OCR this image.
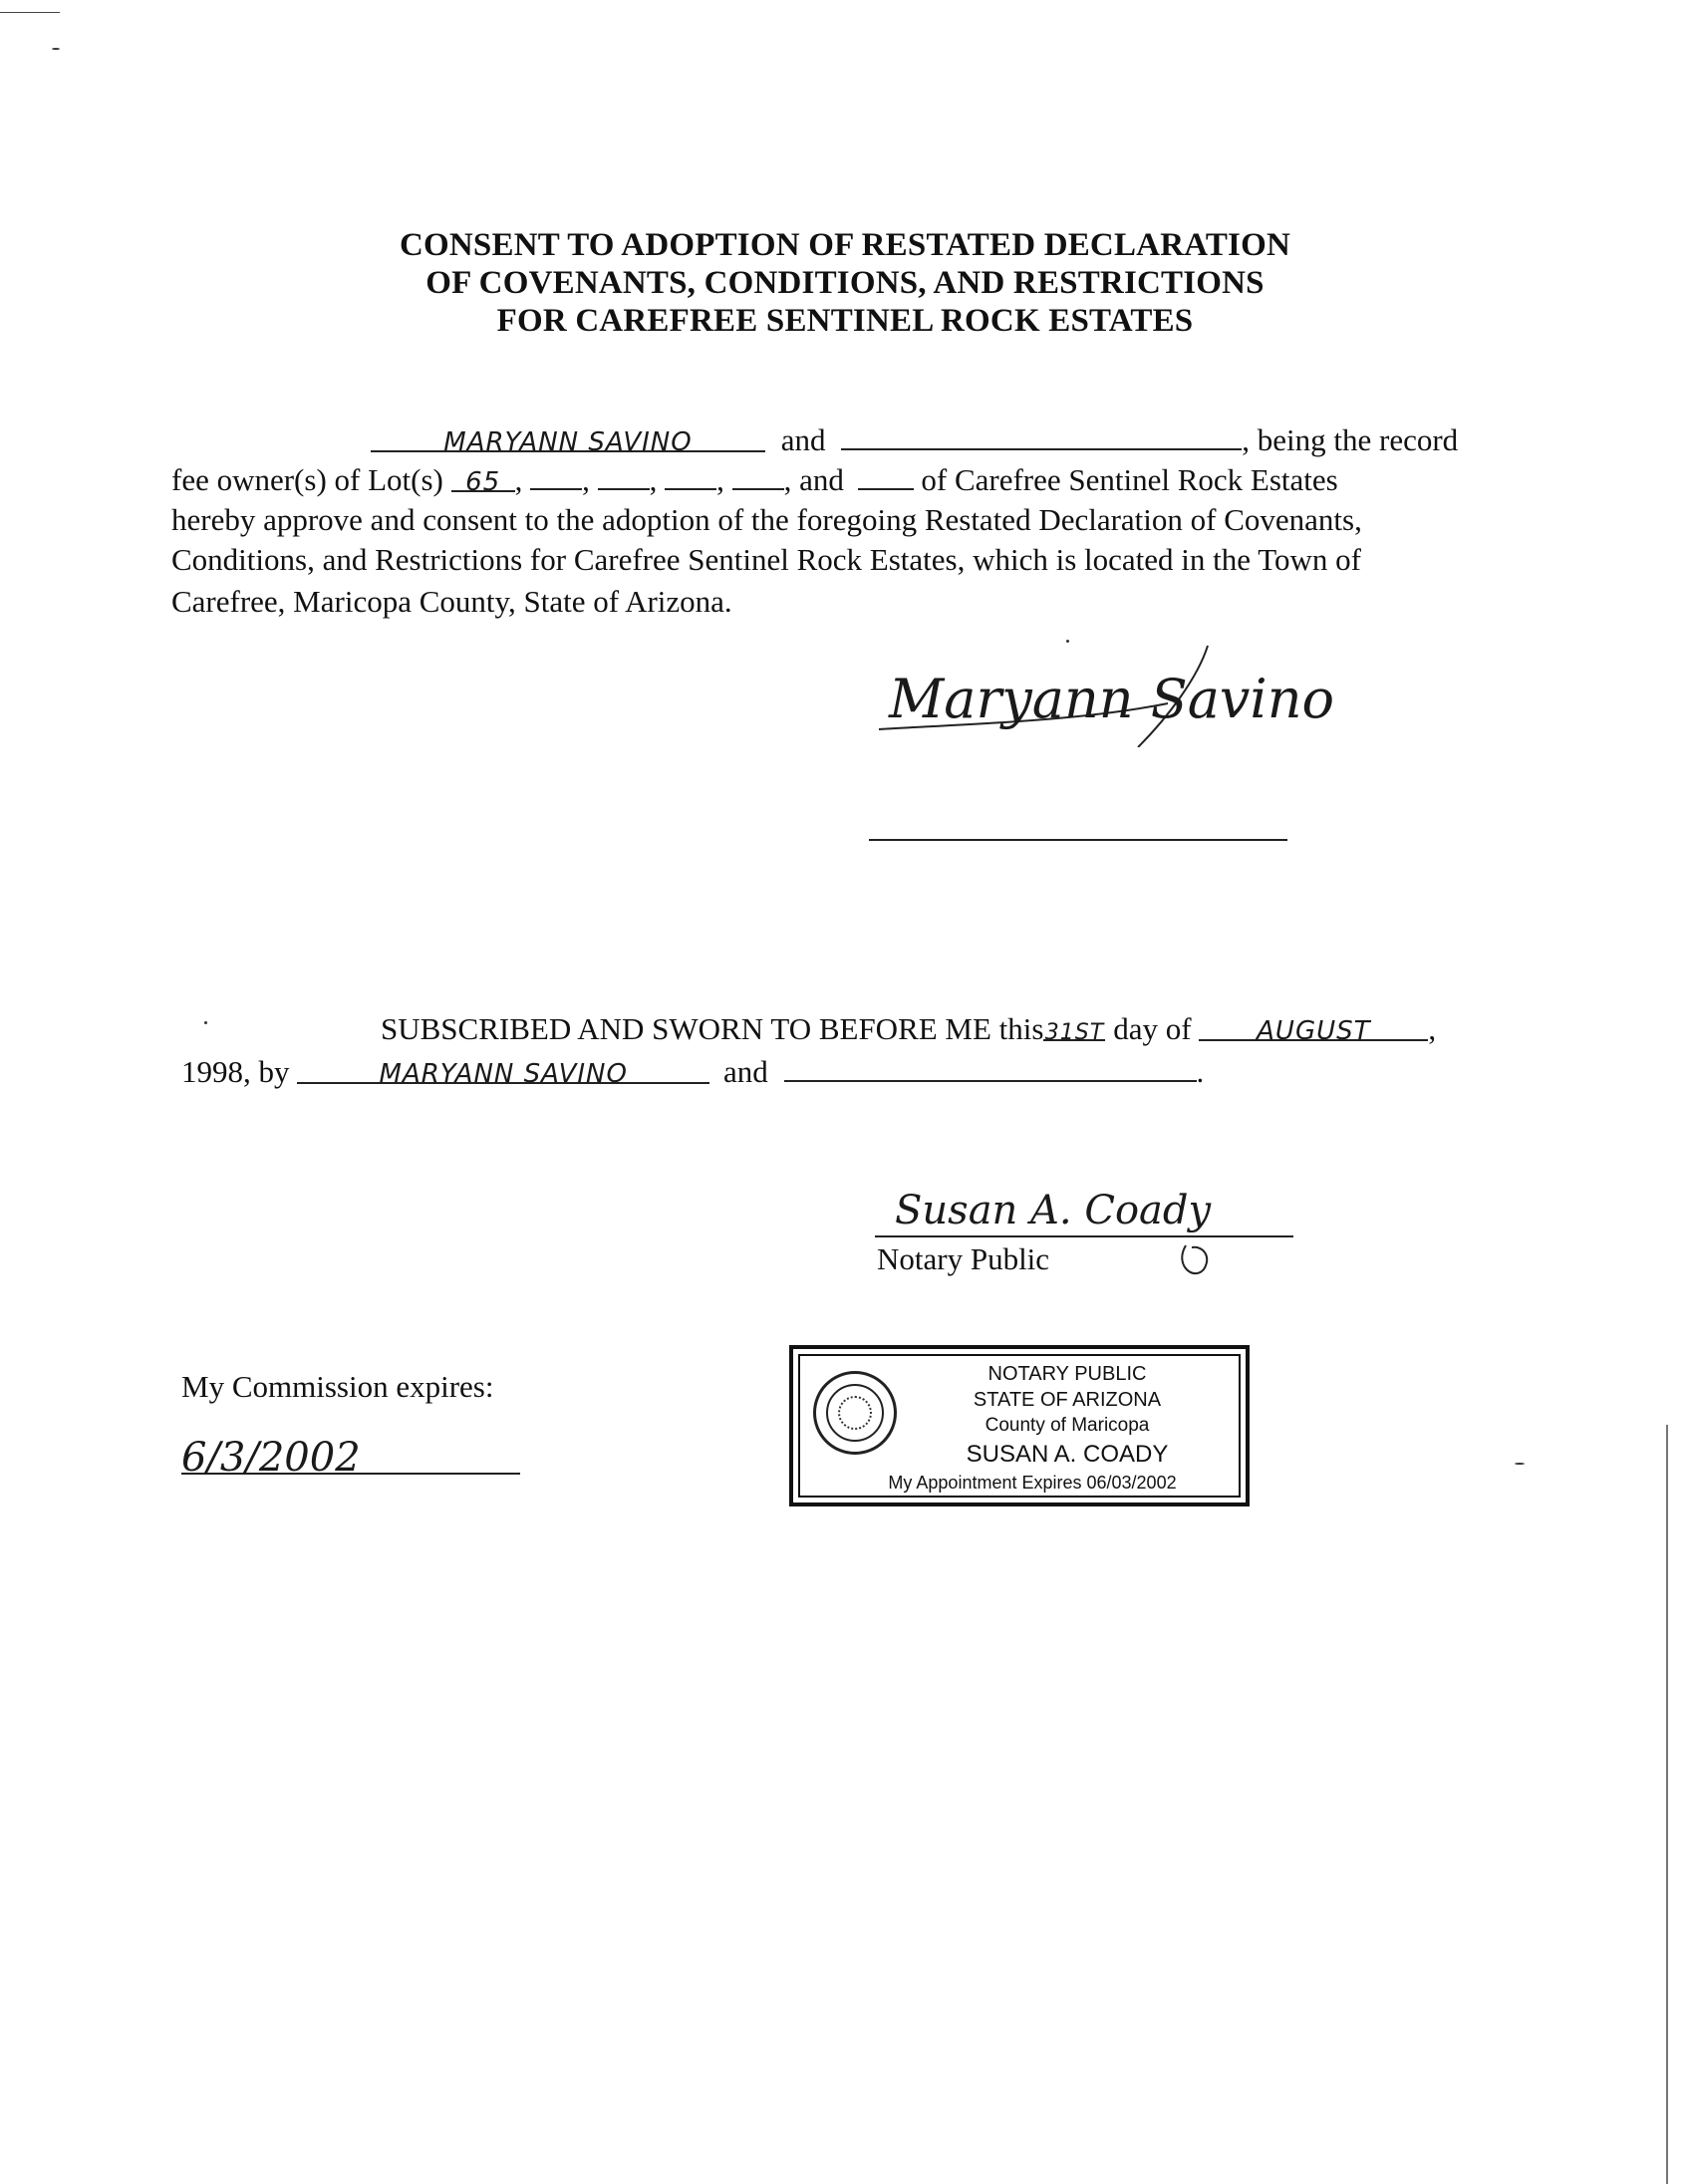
CONSENT TO ADOPTION OF RESTATED DECLARATION
OF COVENANTS, CONDITIONS, AND RESTRICTIONS
FOR CAREFREE SENTINEL ROCK ESTATES
MARYANN SAVINO	and	, being the record
fee owner(s) of Lot(s) 65 , , , , , and	of Carefree Sentinel Rock Estates
hereby approve and consent to the adoption of the foregoing Restated Declaration of Covenants,
Conditions, and Restrictions for Carefree Sentinel Rock Estates, which is located in the Town of
Carefree, Maricopa County, State of Arizona.
Maryann Savino
SUBSCRIBED AND SWORN TO BEFORE ME this31ST day of	AUGUST ,
1998, by	MARYANN SAVINO	and	.
Susan A. Coady
Notary Public
My Commission expires:
6/3/2002
NOTARY PUBLIC
STATE OF ARIZONA
County of Maricopa
SUSAN A. COADY
My Appointment Expires 06/03/2002
